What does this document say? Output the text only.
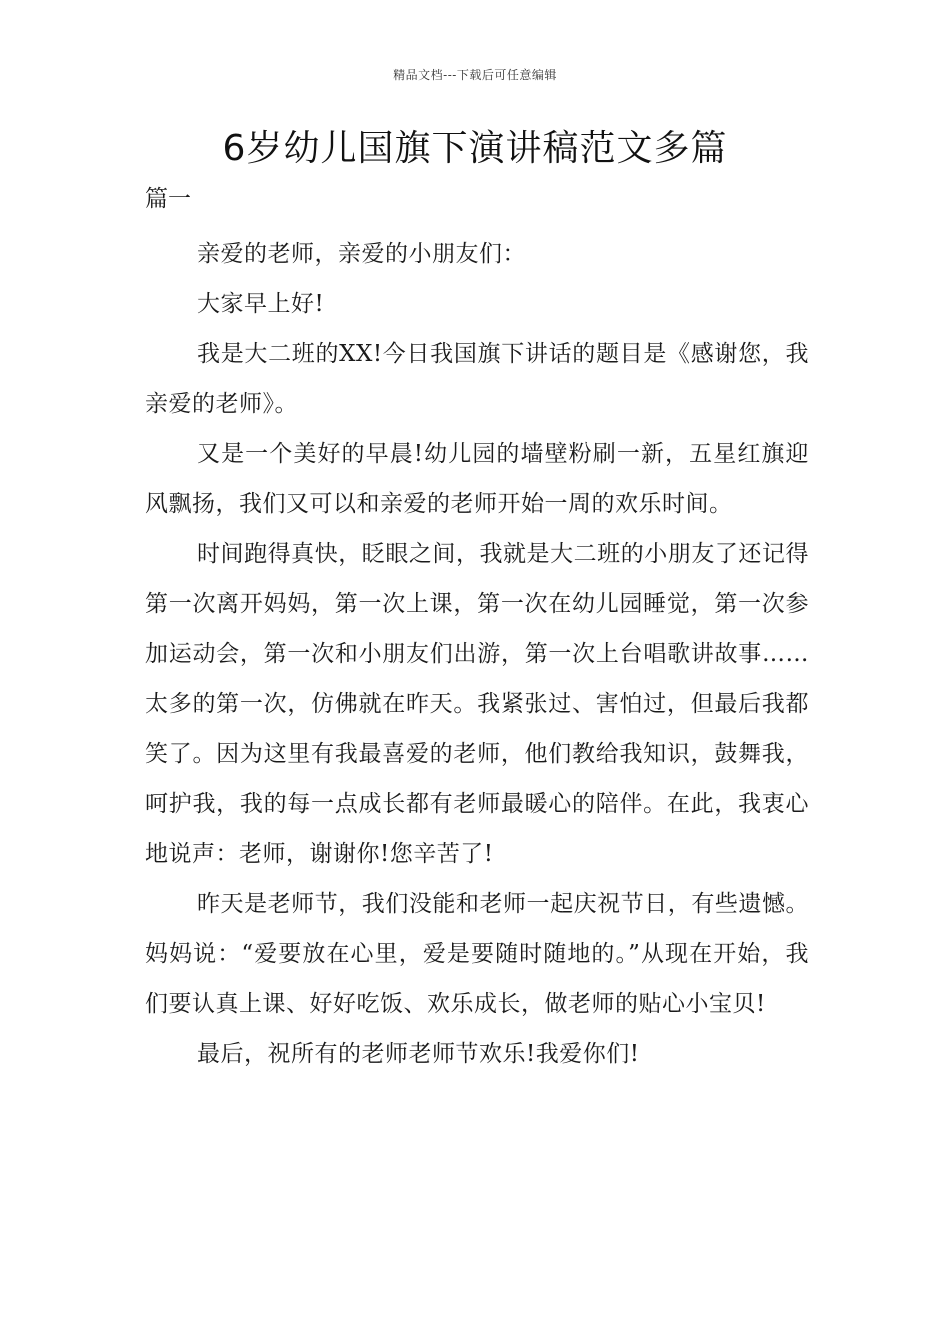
精品文档---下载后可任意编辑
6岁幼儿国旗下演讲稿范文多篇
篇一

亲爱的老师，亲爱的小朋友们：

大家早上好!

我是大二班的XX!今日我国旗下讲话的题目是《感谢您，我亲爱的老师》。

又是一个美好的早晨!幼儿园的墙壁粉刷一新，五星红旗迎风飘扬，我们又可以和亲爱的老师开始一周的欢乐时间。

时间跑得真快，眨眼之间，我就是大二班的小朋友了还记得第一次离开妈妈，第一次上课，第一次在幼儿园睡觉，第一次参加运动会，第一次和小朋友们出游，第一次上台唱歌讲故事……太多的第一次，仿佛就在昨天。我紧张过、害怕过，但最后我都笑了。因为这里有我最喜爱的老师，他们教给我知识，鼓舞我，呵护我，我的每一点成长都有老师最暖心的陪伴。在此，我衷心地说声：老师，谢谢你!您辛苦了!

昨天是老师节，我们没能和老师一起庆祝节日，有些遗憾。妈妈说：“爱要放在心里，爱是要随时随地的。”从现在开始，我们要认真上课、好好吃饭、欢乐成长，做老师的贴心小宝贝!

最后，祝所有的老师老师节欢乐!我爱你们!
